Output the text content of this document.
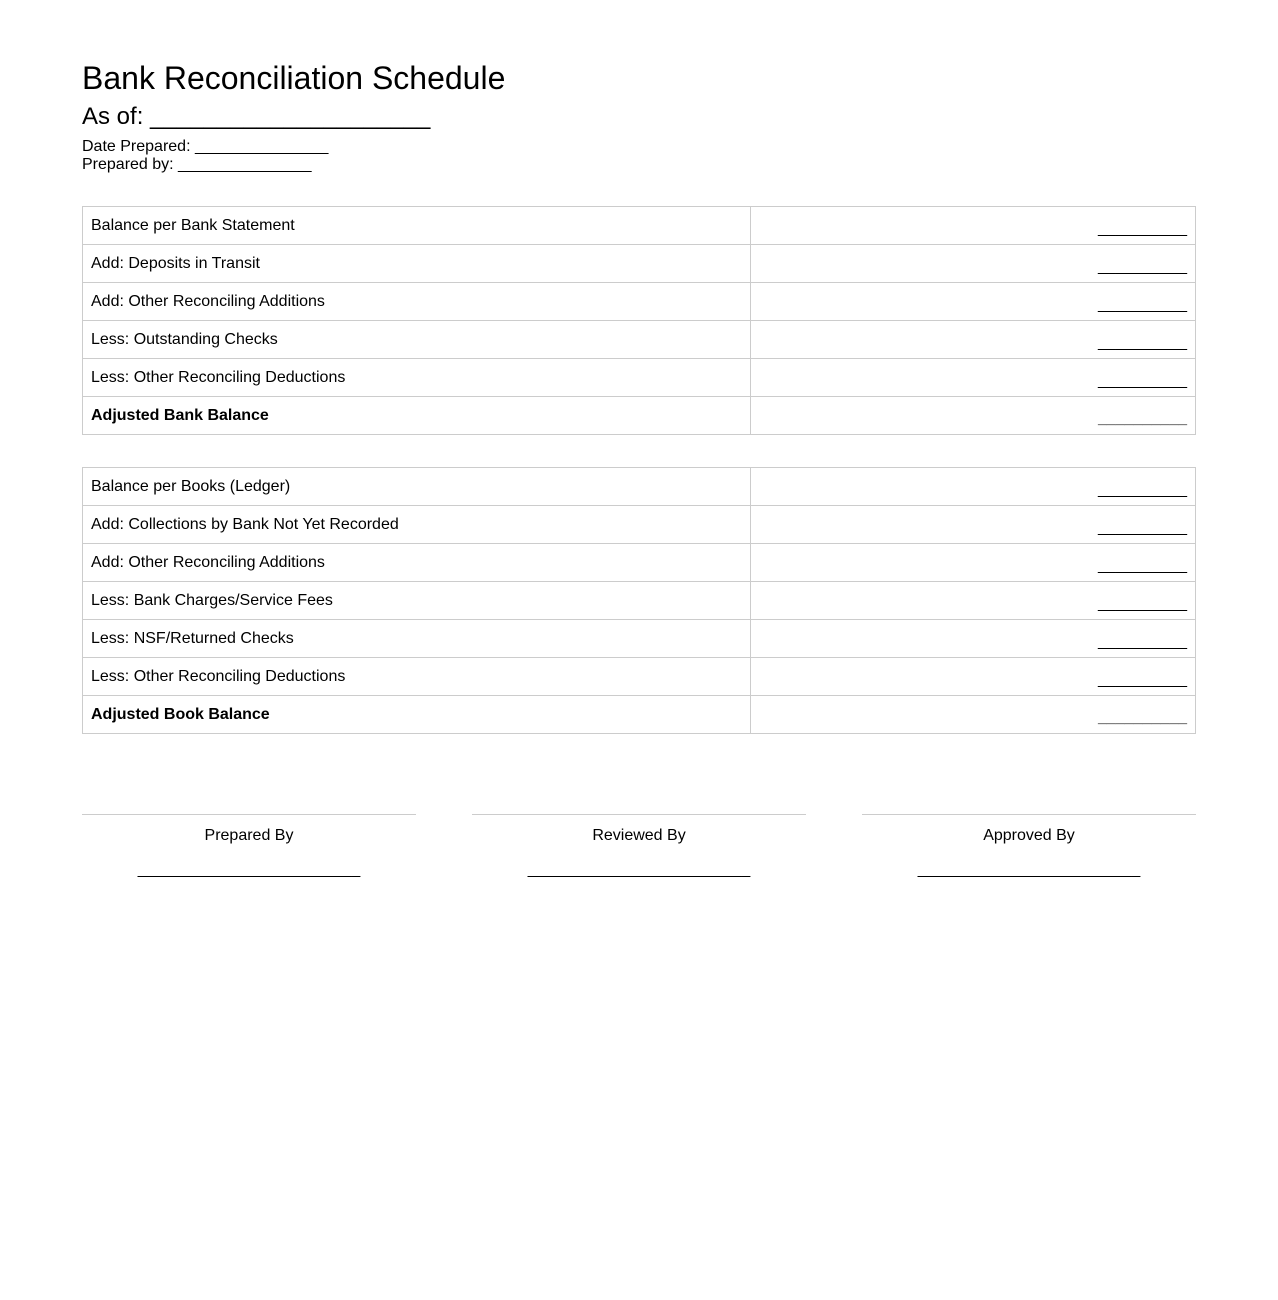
Bank Reconciliation Schedule
As of: _____________________
Date Prepared: _______________
Prepared by: _______________
Balance per Bank Statement	__________
Add: Deposits in Transit	__________
Add: Other Reconciling Additions	__________
Less: Outstanding Checks	__________
Less: Other Reconciling Deductions	__________
Adjusted Bank Balance	__________
Balance per Books (Ledger)	__________
Add: Collections by Bank Not Yet Recorded	__________
Add: Other Reconciling Additions	__________
Less: Bank Charges/Service Fees	__________
Less: NSF/Returned Checks	__________
Less: Other Reconciling Deductions	__________
Adjusted Book Balance	__________
Prepared By
_________________________
Reviewed By
_________________________
Approved By
_________________________
